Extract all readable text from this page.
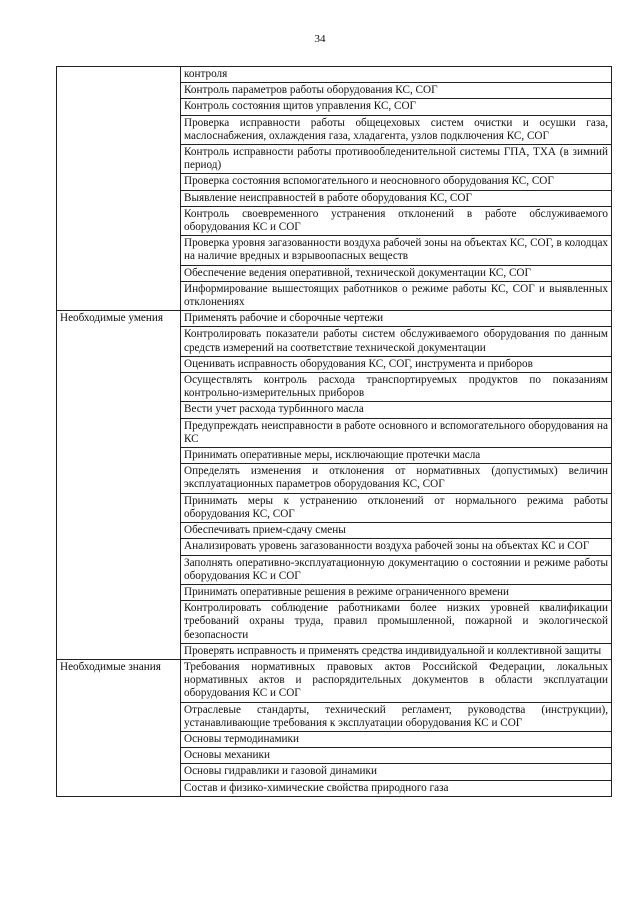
34
	контроля
	Контроль параметров работы оборудования КС, СОГ
	Контроль состояния щитов управления КС, СОГ
	Проверка исправности работы общецеховых систем очистки и осушки газа, маслоснабжения, охлаждения газа, хладагента, узлов подключения КС, СОГ
	Контроль исправности работы противообледенительной системы ГПА, ТХА (в зимний период)
	Проверка состояния вспомогательного и неосновного оборудования КС, СОГ
	Выявление неисправностей в работе оборудования КС, СОГ
	Контроль своевременного устранения отклонений в работе обслуживаемого оборудования КС и СОГ
	Проверка уровня загазованности воздуха рабочей зоны на объектах КС, СОГ, в колодцах на наличие вредных и взрывоопасных веществ
	Обеспечение ведения оперативной, технической документации КС, СОГ
	Информирование вышестоящих работников о режиме работы КС, СОГ и выявленных отклонениях
Необходимые умения	Применять рабочие и сборочные чертежи
	Контролировать показатели работы систем обслуживаемого оборудования по данным средств измерений на соответствие технической документации
	Оценивать исправность оборудования КС, СОГ, инструмента и приборов
	Осуществлять контроль расхода транспортируемых продуктов по показаниям контрольно-измерительных приборов
	Вести учет расхода турбинного масла
	Предупреждать неисправности в работе основного и вспомогательного оборудования на КС
	Принимать оперативные меры, исключающие протечки масла
	Определять изменения и отклонения от нормативных (допустимых) величин эксплуатационных параметров оборудования КС, СОГ
	Принимать меры к устранению отклонений от нормального режима работы оборудования КС, СОГ
	Обеспечивать прием-сдачу смены
	Анализировать уровень загазованности воздуха рабочей зоны на объектах КС и СОГ
	Заполнять оперативно-эксплуатационную документацию о состоянии и режиме работы оборудования КС и СОГ
	Принимать оперативные решения в режиме ограниченного времени
	Контролировать соблюдение работниками более низких уровней квалификации требований охраны труда, правил промышленной, пожарной и экологической безопасности
	Проверять исправность и применять средства индивидуальной и коллективной защиты
Необходимые знания	Требования нормативных правовых актов Российской Федерации, локальных нормативных актов и распорядительных документов в области эксплуатации оборудования КС и СОГ
	Отраслевые стандарты, технический регламент, руководства (инструкции), устанавливающие требования к эксплуатации оборудования КС и СОГ
	Основы термодинамики
	Основы механики
	Основы гидравлики и газовой динамики
	Состав и физико-химические свойства природного газа
